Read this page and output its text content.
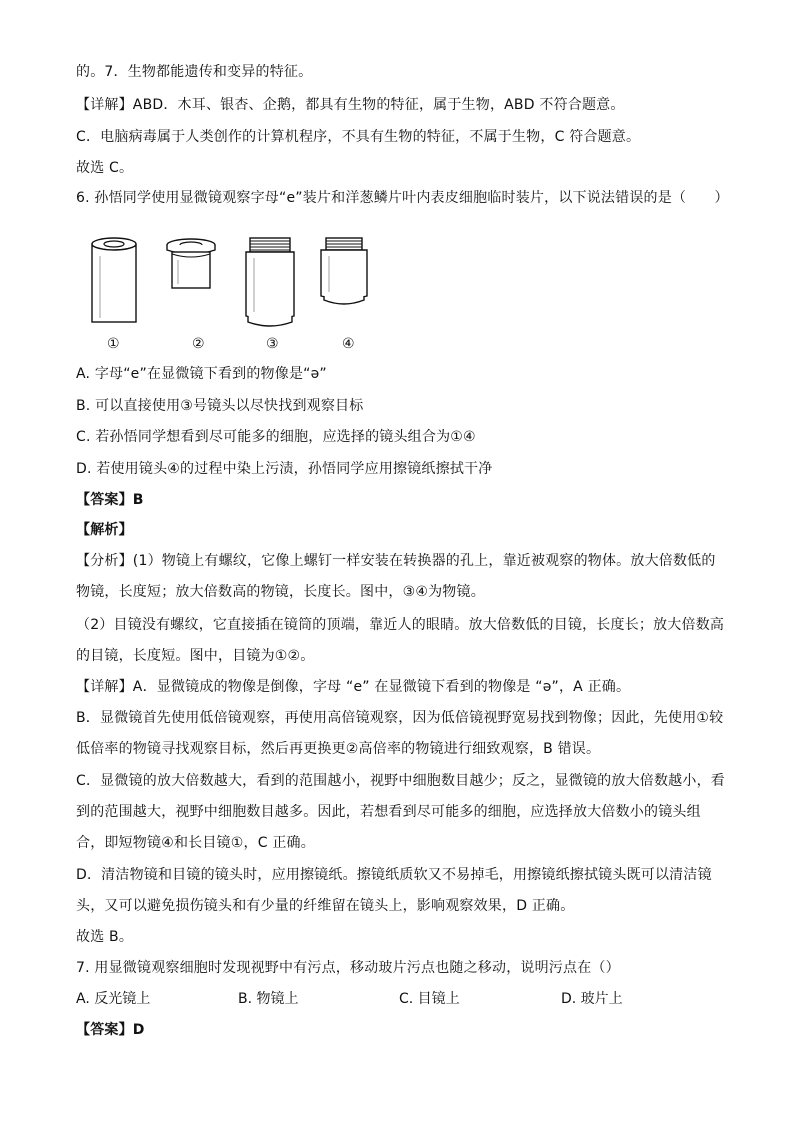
的。7．生物都能遗传和变异的特征。
【详解】ABD．木耳、银杏、企鹅，都具有生物的特征，属于生物，ABD 不符合题意。
C．电脑病毒属于人类创作的计算机程序，不具有生物的特征，不属于生物，C 符合题意。
故选 C。
6. 孙悟同学使用显微镜观察字母“e”装片和洋葱鳞片叶内表皮细胞临时装片，以下说法错误的是（　　）
①	②	③	④
A. 字母“e”在显微镜下看到的物像是“ə”
B. 可以直接使用③号镜头以尽快找到观察目标
C. 若孙悟同学想看到尽可能多的细胞，应选择的镜头组合为①④
D. 若使用镜头④的过程中染上污渍，孙悟同学应用擦镜纸擦拭干净
【答案】B
【解析】
【分析】(1）物镜上有螺纹，它像上螺钉一样安装在转换器的孔上，靠近被观察的物体。放大倍数低的
物镜，长度短；放大倍数高的物镜，长度长。图中，③④为物镜。
（2）目镜没有螺纹，它直接插在镜筒的顶端，靠近人的眼睛。放大倍数低的目镜，长度长；放大倍数高
的目镜，长度短。图中，目镜为①②。
【详解】A．显微镜成的物像是倒像，字母 “e” 在显微镜下看到的物像是 “ə”，A 正确。
B．显微镜首先使用低倍镜观察，再使用高倍镜观察，因为低倍镜视野宽易找到物像；因此，先使用①较
低倍率的物镜寻找观察目标，然后再更换更②高倍率的物镜进行细致观察，B 错误。
C．显微镜的放大倍数越大，看到的范围越小，视野中细胞数目越少；反之，显微镜的放大倍数越小，看
到的范围越大，视野中细胞数目越多。因此，若想看到尽可能多的细胞，应选择放大倍数小的镜头组
合，即短物镜④和长目镜①，C 正确。
D．清洁物镜和目镜的镜头时，应用擦镜纸。擦镜纸质软又不易掉毛，用擦镜纸擦拭镜头既可以清洁镜
头，又可以避免损伤镜头和有少量的纤维留在镜头上，影响观察效果，D 正确。
故选 B。
7. 用显微镜观察细胞时发现视野中有污点，移动玻片污点也随之移动，说明污点在（）
A. 反光镜上	B. 物镜上	C. 目镜上	D. 玻片上
【答案】D
